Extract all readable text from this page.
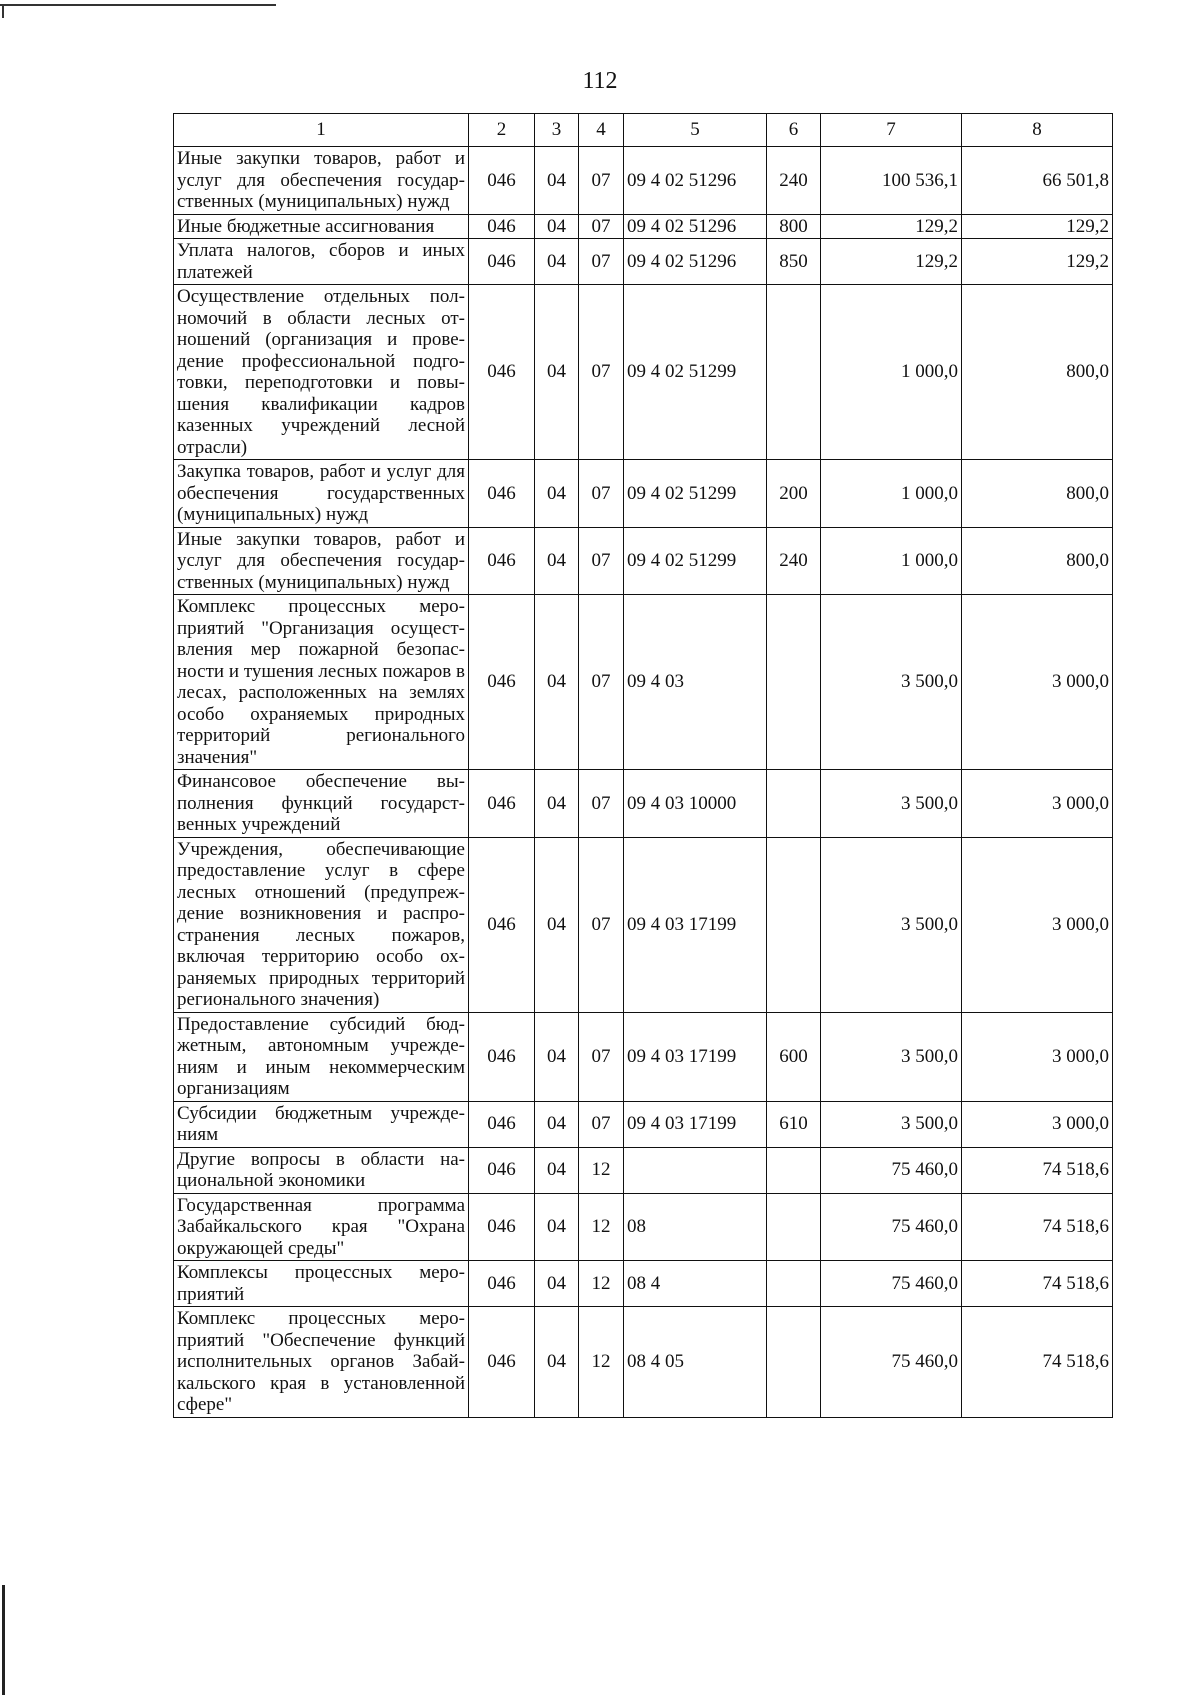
112
1	2	3	4	5	6	7	8
Иные закупки товаров, работ и услуг для обеспечения государственных (муниципальных) нужд	046	04	07	09 4 02 51296	240	100 536,1	66 501,8
Иные бюджетные ассигнования	046	04	07	09 4 02 51296	800	129,2	129,2
Уплата налогов, сборов и иных платежей	046	04	07	09 4 02 51296	850	129,2	129,2
Осуществление отдельных полномочий в области лесных отношений (организация и проведение профессиональной подготовки, переподготовки и повышения квалификации кадров казенных учреждений лесной отрасли)	046	04	07	09 4 02 51299		1 000,0	800,0
Закупка товаров, работ и услуг для обеспечения государственных (муниципальных) нужд	046	04	07	09 4 02 51299	200	1 000,0	800,0
Иные закупки товаров, работ и услуг для обеспечения государственных (муниципальных) нужд	046	04	07	09 4 02 51299	240	1 000,0	800,0
Комплекс процессных мероприятий "Организация осуществления мер пожарной безопасности и тушения лесных пожаров в лесах, расположенных на землях особо охраняемых природных территорий регионального значения"	046	04	07	09 4 03		3 500,0	3 000,0
Финансовое обеспечение выполнения функций государственных учреждений	046	04	07	09 4 03 10000		3 500,0	3 000,0
Учреждения, обеспечивающие предоставление услуг в сфере лесных отношений (предупреждение возникновения и распространения лесных пожаров, включая территорию особо охраняемых природных территорий регионального значения)	046	04	07	09 4 03 17199		3 500,0	3 000,0
Предоставление субсидий бюджетным, автономным учреждениям и иным некоммерческим организациям	046	04	07	09 4 03 17199	600	3 500,0	3 000,0
Субсидии бюджетным учреждениям	046	04	07	09 4 03 17199	610	3 500,0	3 000,0
Другие вопросы в области национальной экономики	046	04	12			75 460,0	74 518,6
Государственная программа Забайкальского края "Охрана окружающей среды"	046	04	12	08		75 460,0	74 518,6
Комплексы процессных мероприятий	046	04	12	08 4		75 460,0	74 518,6
Комплекс процессных мероприятий "Обеспечение функций исполнительных органов Забайкальского края в установленной сфере"	046	04	12	08 4 05		75 460,0	74 518,6
